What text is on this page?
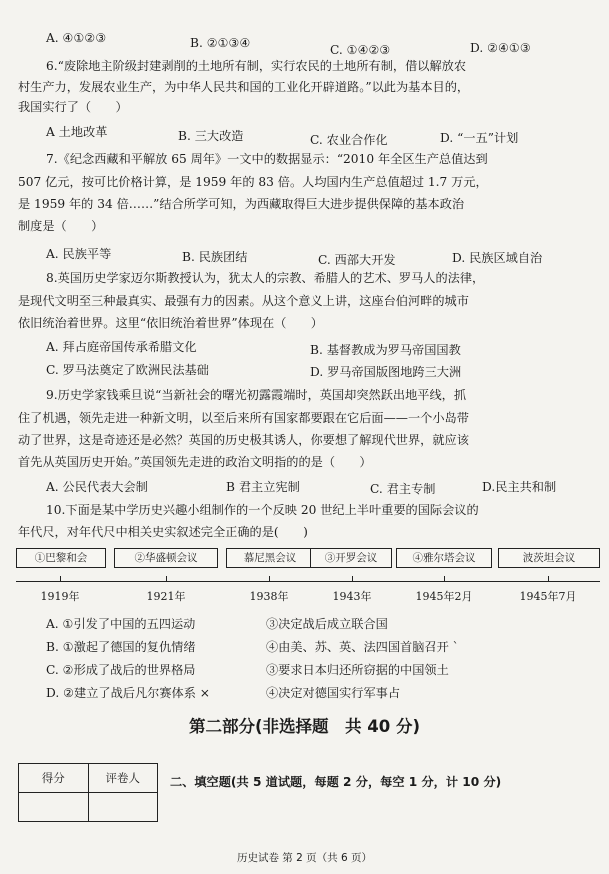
A. ④①②③	B. ②①③④	C. ①④②③	D. ②④①③
6.“废除地主阶级封建剥削的土地所有制，实行农民的土地所有制，借以解放农
村生产力，发展农业生产，为中华人民共和国的工业化开辟道路。”以此为基本目的，
我国实行了（　　）
A 土地改革	B. 三大改造	C. 农业合作化	D. “一五”计划
7.《纪念西藏和平解放 65 周年》一文中的数据显示：“2010 年全区生产总值达到
507 亿元，按可比价格计算，是 1959 年的 83 倍。人均国内生产总值超过 1.7 万元，
是 1959 年的 34 倍……”结合所学可知，为西藏取得巨大进步提供保障的基本政治
制度是（　　）
A. 民族平等	B. 民族团结	C. 西部大开发	D. 民族区域自治
8.英国历史学家迈尔斯教授认为，犹太人的宗教、希腊人的艺术、罗马人的法律，
是现代文明至三种最真实、最强有力的因素。从这个意义上讲，这座台伯河畔的城市
依旧统治着世界。这里“依旧统治着世界”体现在（　　）
A. 拜占庭帝国传承希腊文化	B. 基督教成为罗马帝国国教
C. 罗马法奠定了欧洲民法基础	D. 罗马帝国版图地跨三大洲
9.历史学家钱乘旦说“当新社会的曙光初露霞端时，英国却突然跃出地平线，抓
住了机遇，领先走进一种新文明，以至后来所有国家都要跟在它后面——一个小岛带
动了世界，这是奇迹还是必然？英国的历史极其诱人，你要想了解现代世界，就应该
首先从英国历史开始。”英国领先走进的政治文明指的的是（　　）
A. 公民代表大会制	B 君主立宪制	C. 君主专制	D.民主共和制
10.下面是某中学历史兴趣小组制作的一个反映 20 世纪上半叶重要的国际会议的
年代尺，对年代尺中相关史实叙述完全正确的是(　　)
①巴黎和会	②华盛顿会议	慕尼黑会议	③开罗会议	④雅尔塔会议	波茨坦会议
1919年	1921年	1938年	1943年	1945年2月	1945年7月
A. ①引发了中国的五四运动	③决定战后成立联合国
B. ①激起了德国的复仇情绪	④由美、苏、英、法四国首脑召开 `
C. ②形成了战后的世界格局	③要求日本归还所窃据的中国领土
D. ②建立了战后凡尔赛体系 ×	④决定对德国实行军事占
第二部分(非选择题　共 40 分)
得分	评卷人
	二、填空题(共 5 道试题，每题 2 分，每空 1 分，计 10 分)
历史试卷 第 2 页（共 6 页）
